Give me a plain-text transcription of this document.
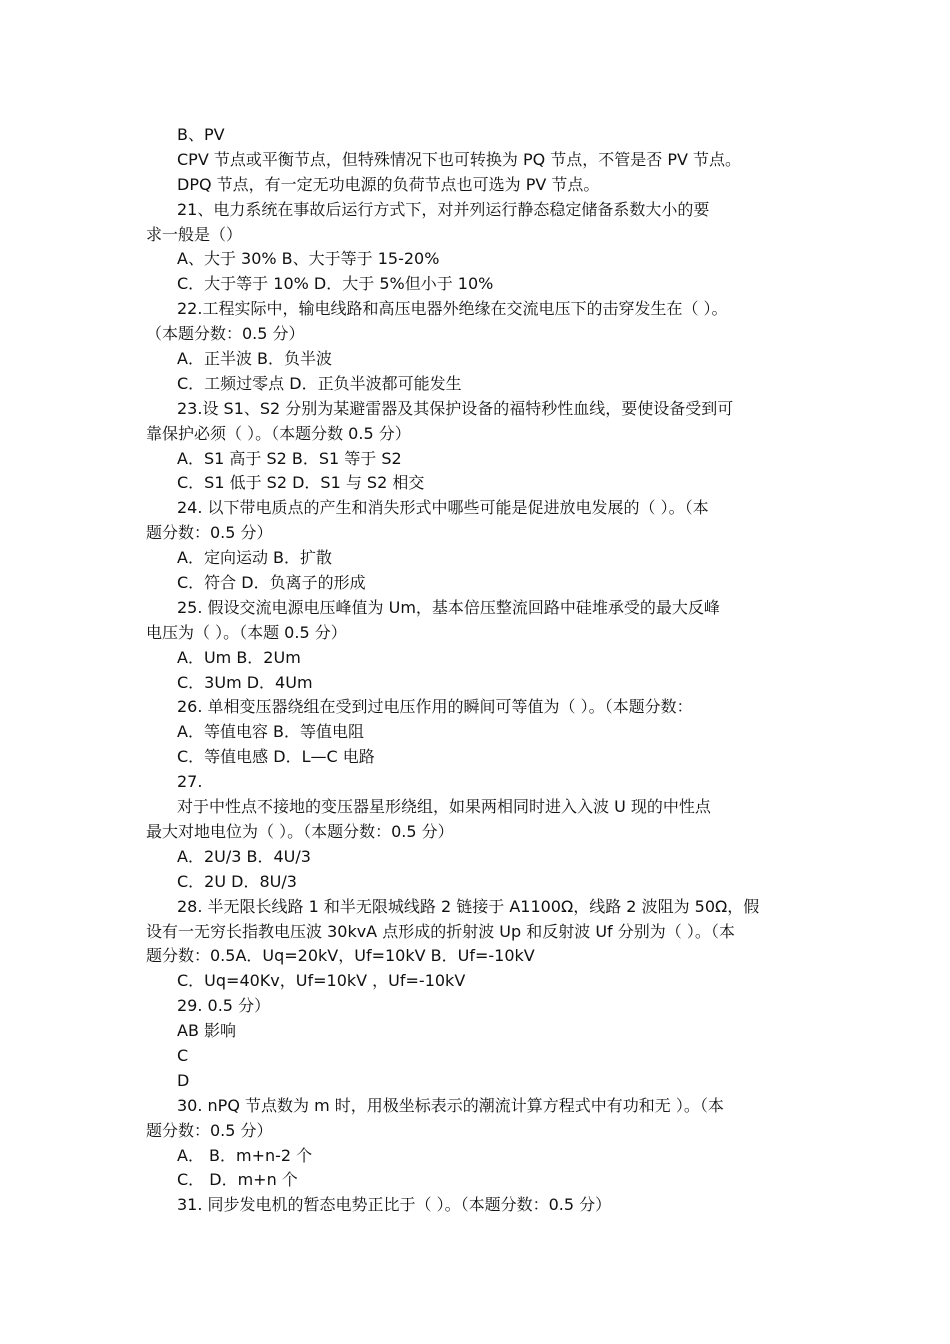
B、PV
CPV 节点或平衡节点，但特殊情况下也可转换为 PQ 节点，不管是否 PV 节点。
DPQ 节点，有一定无功电源的负荷节点也可选为 PV 节点。
21、电力系统在事故后运行方式下，对并列运行静态稳定储备系数大小的要
求一般是（）
A、大于 30% B、大于等于 15-20%
C．大于等于 10% D．大于 5%但小于 10%
22.工程实际中，输电线路和高压电器外绝缘在交流电压下的击穿发生在（ ）。
（本题分数：0.5 分）
A．正半波 B．负半波
C．工频过零点 D．正负半波都可能发生
23.设 S1、S2 分别为某避雷器及其保护设备的福特秒性血线，要使设备受到可
靠保护必须（ ）。（本题分数 0.5 分）
A．S1 高于 S2 B．S1 等于 S2
C．S1 低于 S2 D．S1 与 S2 相交
24. 以下带电质点的产生和消失形式中哪些可能是促进放电发展的（ ）。（本
题分数：0.5 分）
A．定向运动 B．扩散
C．符合 D．负离子的形成
25. 假设交流电源电压峰值为 Um，基本倍压整流回路中硅堆承受的最大反峰
电压为（ ）。（本题 0.5 分）
A．Um B．2Um
C．3Um D．4Um
26. 单相变压器绕组在受到过电压作用的瞬间可等值为（ ）。（本题分数：
A．等值电容 B．等值电阻
C．等值电感 D．L—C 电路
27.
对于中性点不接地的变压器星形绕组，如果两相同时进入入波 U 现的中性点
最大对地电位为（ ）。（本题分数：0.5 分）
A．2U/3 B．4U/3
C．2U D．8U/3
28. 半无限长线路 1 和半无限城线路 2 链接于 A1100Ω，线路 2 波阻为 50Ω，假
设有一无穷长指教电压波 30kvA 点形成的折射波 Up 和反射波 Uf 分别为（ ）。（本
题分数：0.5A．Uq=20kV，Uf=10kV B．Uf=-10kV
C．Uq=40Kv，Uf=10kV ，Uf=-10kV
29. 0.5 分）
AB 影响
C
D
30. nPQ 节点数为 m 时，用极坐标表示的潮流计算方程式中有功和无 ）。（本
题分数：0.5 分）
A． B．m+n-2 个
C． D．m+n 个
31. 同步发电机的暂态电势正比于（ ）。（本题分数：0.5 分）
